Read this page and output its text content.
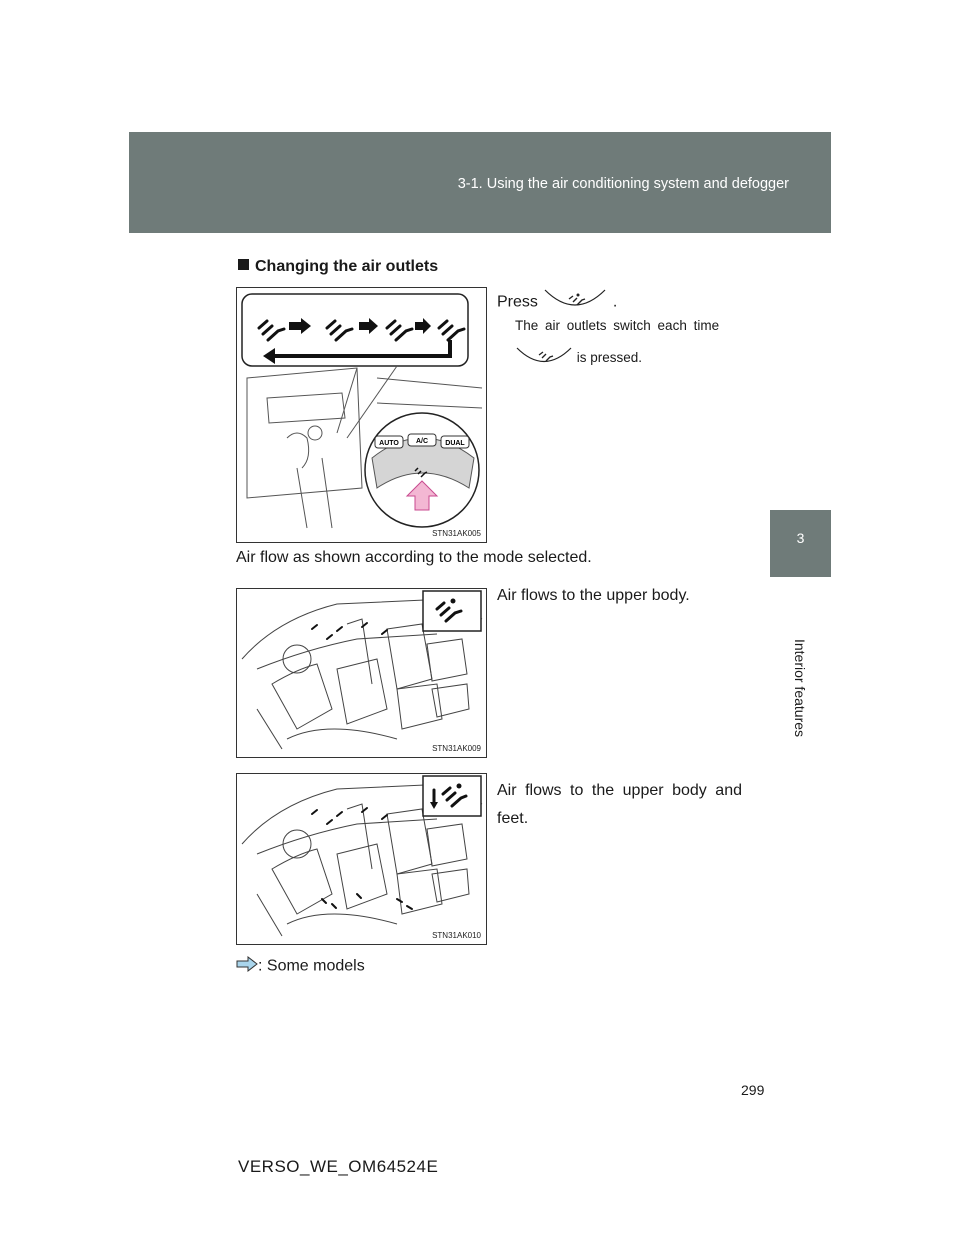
3-1. Using the air conditioning system and defogger
3
Interior features
Changing the air outlets
Press	.
The air outlets switch each time
is pressed.
AUTO A/C DUAL
STN31AK005
Air flow as shown according to the mode selected.
STN31AK009
Air flows to the upper body.
STN31AK010
Air flows to the upper body and feet.
: Some models
299
VERSO_WE_OM64524E
